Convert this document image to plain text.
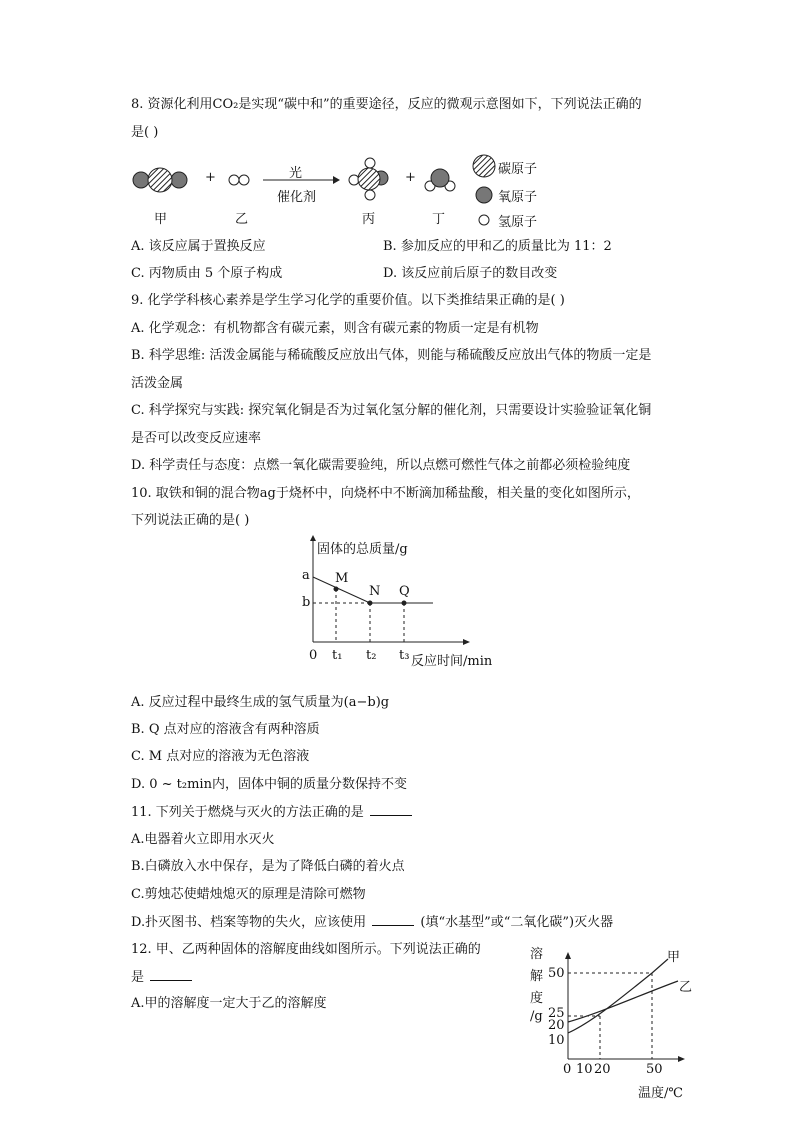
8. 资源化利用CO₂是实现“碳中和”的重要途径，反应的微观示意图如下，下列说法正确的
是( )
+	+
光
催化剂
甲	乙	丙	丁
碳原子
氧原子
氢原子
A. 该反应属于置换反应	B. 参加反应的甲和乙的质量比为 11：2
C. 丙物质由 5 个原子构成	D. 该反应前后原子的数目改变
9. 化学学科核心素养是学生学习化学的重要价值。以下类推结果正确的是( )
A. 化学观念：有机物都含有碳元素，则含有碳元素的物质一定是有机物
B. 科学思维: 活泼金属能与稀硫酸反应放出气体，则能与稀硫酸反应放出气体的物质一定是
活泼金属
C. 科学探究与实践: 探究氧化铜是否为过氧化氢分解的催化剂，只需要设计实验验证氧化铜
是否可以改变反应速率
D. 科学责任与态度：点燃一氧化碳需要验纯，所以点燃可燃性气体之前都必须检验纯度
10. 取铁和铜的混合物ag于烧杯中，向烧杯中不断滴加稀盐酸，相关量的变化如图所示，
下列说法正确的是( )
固体的总质量/g
a
b
M
N Q
0 t₁ t₂ t₃ 反应时间/min
A. 反应过程中最终生成的氢气质量为(a−b)g
B. Q 点对应的溶液含有两种溶质
C. M 点对应的溶液为无色溶液
D. 0 ~ t₂min内，固体中铜的质量分数保持不变
11. 下列关于燃烧与灭火的方法正确的是
A.电器着火立即用水灭火
B.白磷放入水中保存，是为了降低白磷的着火点
C.剪烛芯使蜡烛熄灭的原理是清除可燃物
D.扑灭图书、档案等物的失火，应该使用	(填“水基型”或“二氧化碳”)灭火器
12. 甲、乙两种固体的溶解度曲线如图所示。下列说法正确的
是
A.甲的溶解度一定大于乙的溶解度
溶
解
度
/g
50
25
20
10
0 10 20	50
温度/℃
甲
乙
